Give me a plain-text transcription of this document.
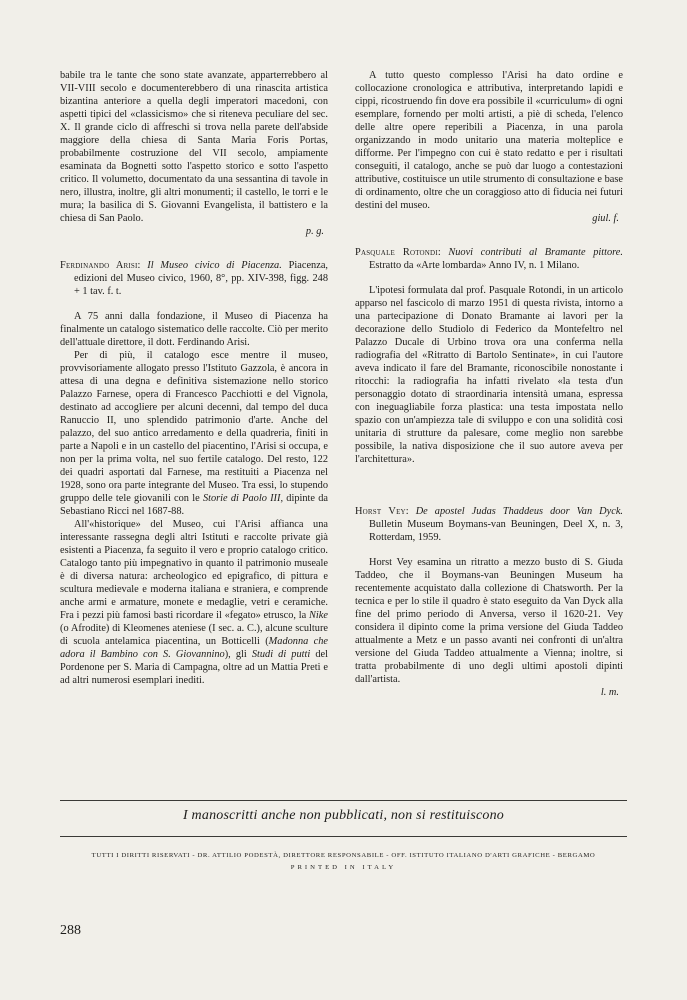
babile tra le tante che sono state avanzate, apparterrebbero al VII-VIII secolo e documenterebbero di una rinascita artistica bizantina anteriore a quella degli imperatori macedoni, con aspetti tipici del «classicismo» che si riteneva peculiare del sec. X. Il grande ciclo di affreschi si trova nella parete dell'abside maggiore della chiesa di Santa Maria Foris Portas, probabilmente costruzione del VII secolo, ampiamente esaminata da Bognetti sotto l'aspetto storico e sotto l'aspetto critico. Il volumetto, documentato da una sessantina di tavole in nero, illustra, inoltre, gli altri monumenti; il castello, le torri e le mura; la basilica di S. Giovanni Evangelista, il battistero e la chiesa di San Paolo.

p. g.

Ferdinando Arisi: Il Museo civico di Piacenza. Piacenza, edizioni del Museo civico, 1960, 8°, pp. XIV-398, figg. 248 + 1 tav. f. t.

A 75 anni dalla fondazione, il Museo di Piacenza ha finalmente un catalogo sistematico delle raccolte. Ciò per merito dell'attuale direttore, il dott. Ferdinando Arisi.

Per di più, il catalogo esce mentre il museo, provvisoriamente allogato presso l'Istituto Gazzola, è ancora in attesa di una degna e definitiva sistemazione nello storico Palazzo Farnese, opera di Francesco Pacchiotti e del Vignola, destinato ad accogliere per alcuni decenni, dal tempo del duca Ranuccio II, uno splendido patrimonio d'arte. Anche del palazzo, del suo antico arredamento e della quadreria, finiti in parte a Napoli e in un castello del piacentino, l'Arisi si occupa, e non per la prima volta, nel suo fertile catalogo. Del resto, 122 dei quadri asportati dal Farnese, ma restituiti a Piacenza nel 1928, sono ora parte integrante del Museo. Tra essi, lo stupendo gruppo delle tele giovanili con le Storie di Paolo III, dipinte da Sebastiano Ricci nel 1687-88.

All'«historique» del Museo, cui l'Arisi affianca una interessante rassegna degli altri Istituti e raccolte private già esistenti a Piacenza, fa seguito il vero e proprio catalogo critico. Catalogo tanto più impegnativo in quanto il patrimonio museale è di diversa natura: archeologico ed epigrafico, di pittura e scultura medievale e moderna italiana e straniera, e comprende anche armi e armature, monete e medaglie, vetri e ceramiche. Fra i pezzi più famosi basti ricordare il «fegato» etrusco, la Nike (o Afrodite) di Kleomenes ateniese (I sec. a. C.), alcune sculture di scuola antelamica piacentina, un Botticelli (Madonna che adora il Bambino con S. Giovannino), gli Studi di putti del Pordenone per S. Maria di Campagna, oltre ad un Mattia Preti e ad altri numerosi esemplari inediti.

A tutto questo complesso l'Arisi ha dato ordine e collocazione cronologica e attributiva, interpretando lapidi e cippi, ricostruendo fin dove era possibile il «curriculum» di ogni esemplare, fornendo per molti artisti, a piè di scheda, l'elenco delle altre opere reperibili a Piacenza, in una parola organizzando in modo unitario una materia molteplice e difforme. Per l'impegno con cui è stato redatto e per i risultati conseguiti, il catalogo, anche se può dar luogo a contestazioni attributive, costituisce un utile strumento di consultazione e base di ordinamento, oltre che un coraggioso atto di fiducia nei futuri destini del museo.

giul. f.

Pasquale Rotondi: Nuovi contributi al Bramante pittore. Estratto da «Arte lombarda» Anno IV, n. 1 Milano.

L'ipotesi formulata dal prof. Pasquale Rotondi, in un articolo apparso nel fascicolo di marzo 1951 di questa rivista, intorno a una partecipazione di Donato Bramante ai lavori per la decorazione dello Studiolo di Federico da Montefeltro nel Palazzo Ducale di Urbino trova ora una conferma nella radiografia del «Ritratto di Bartolo Sentinate», in cui l'autore aveva indicato il fare del Bramante, riconoscibile nonostante i ritocchi: la radiografia ha infatti rivelato «la testa d'un personaggio dotato di straordinaria intensità umana, espressa con ineguagliabile forza plastica: una testa impostata nello spazio con un'ampiezza tale di sviluppo e con una solidità così unitaria di strutture da palesare, come meglio non sarebbe possibile, la nativa disposizione che il suo autore aveva per l'architettura».

Horst Vey: De apostel Judas Thaddeus door Van Dyck. Bulletin Museum Boymans-van Beuningen, Deel X, n. 3, Rotterdam, 1959.

Horst Vey esamina un ritratto a mezzo busto di S. Giuda Taddeo, che il Boymans-van Beuningen Museum ha recentemente acquistato dalla collezione di Chatsworth. Per la tecnica e per lo stile il quadro è stato eseguito da Van Dyck alla fine del primo periodo di Anversa, verso il 1620-21. Vey considera il dipinto come la prima versione del Giuda Taddeo attualmente a Metz e un passo avanti nei confronti di un'altra versione del Giuda Taddeo attualmente a Vienna; inoltre, si tratta probabilmente di uno degli ultimi apostoli dipinti dall'artista.

l. m.

I manoscritti anche non pubblicati, non si restituiscono
TUTTI I DIRITTI RISERVATI - DR. ATTILIO PODESTÀ, DIRETTORE RESPONSABILE - OFF. ISTITUTO ITALIANO D'ARTI GRAFICHE - BERGAMO
PRINTED IN ITALY
288
